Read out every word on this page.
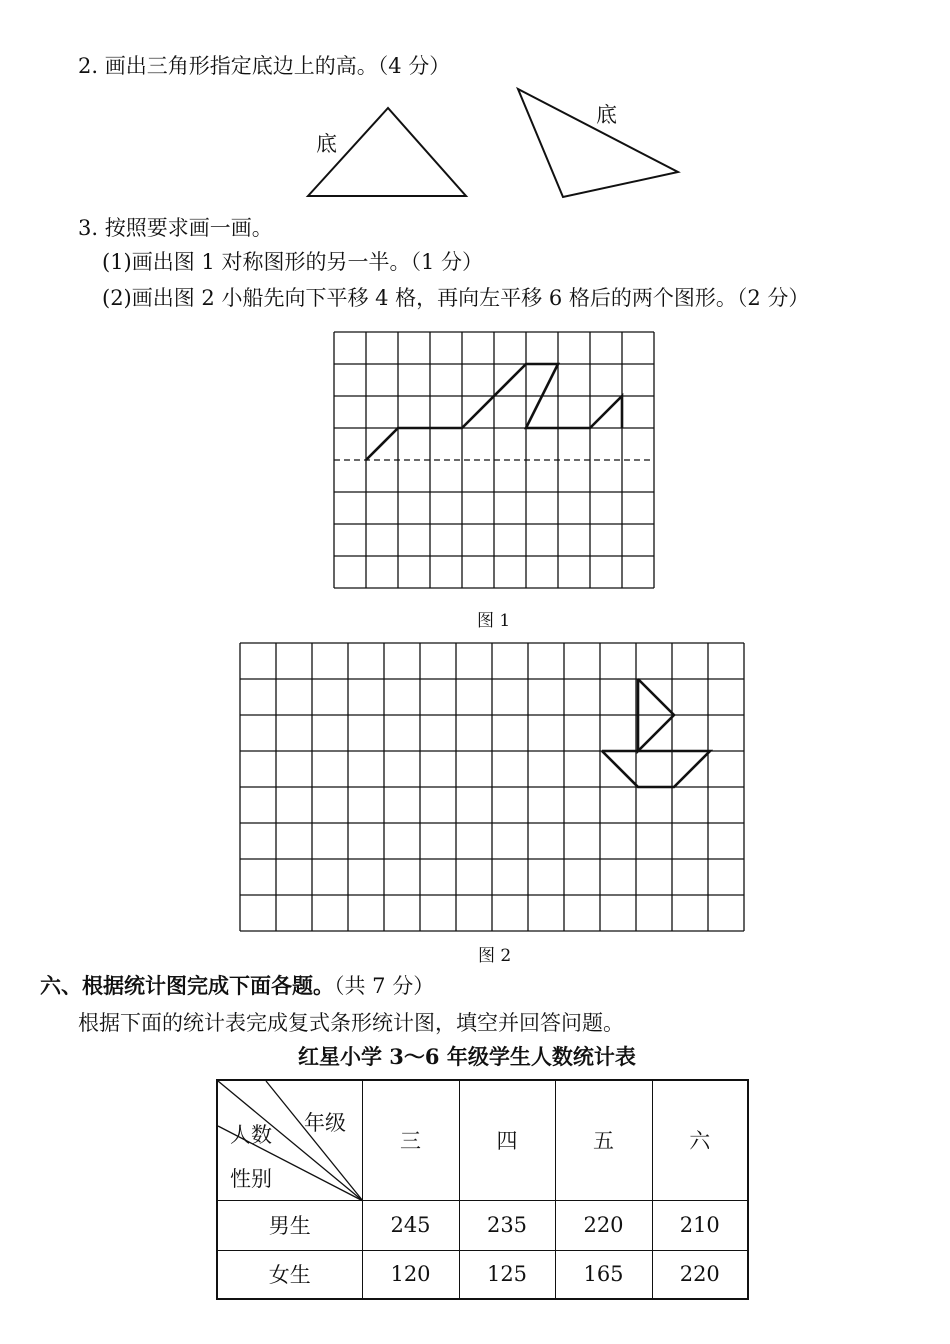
2. 画出三角形指定底边上的高。（4 分）
底
底
3. 按照要求画一画。
(1)画出图 1 对称图形的另一半。（1 分）
(2)画出图 2 小船先向下平移 4 格，再向左平移 6 格后的两个图形。（2 分）
图 1
图 2
六、根据统计图完成下面各题。（共 7 分）
根据下面的统计表完成复式条形统计图，填空并回答问题。
红星小学 3～6 年级学生人数统计表
年级
人数
性别	三	四	五	六
男生	245	235	220	210
女生	120	125	165	220
